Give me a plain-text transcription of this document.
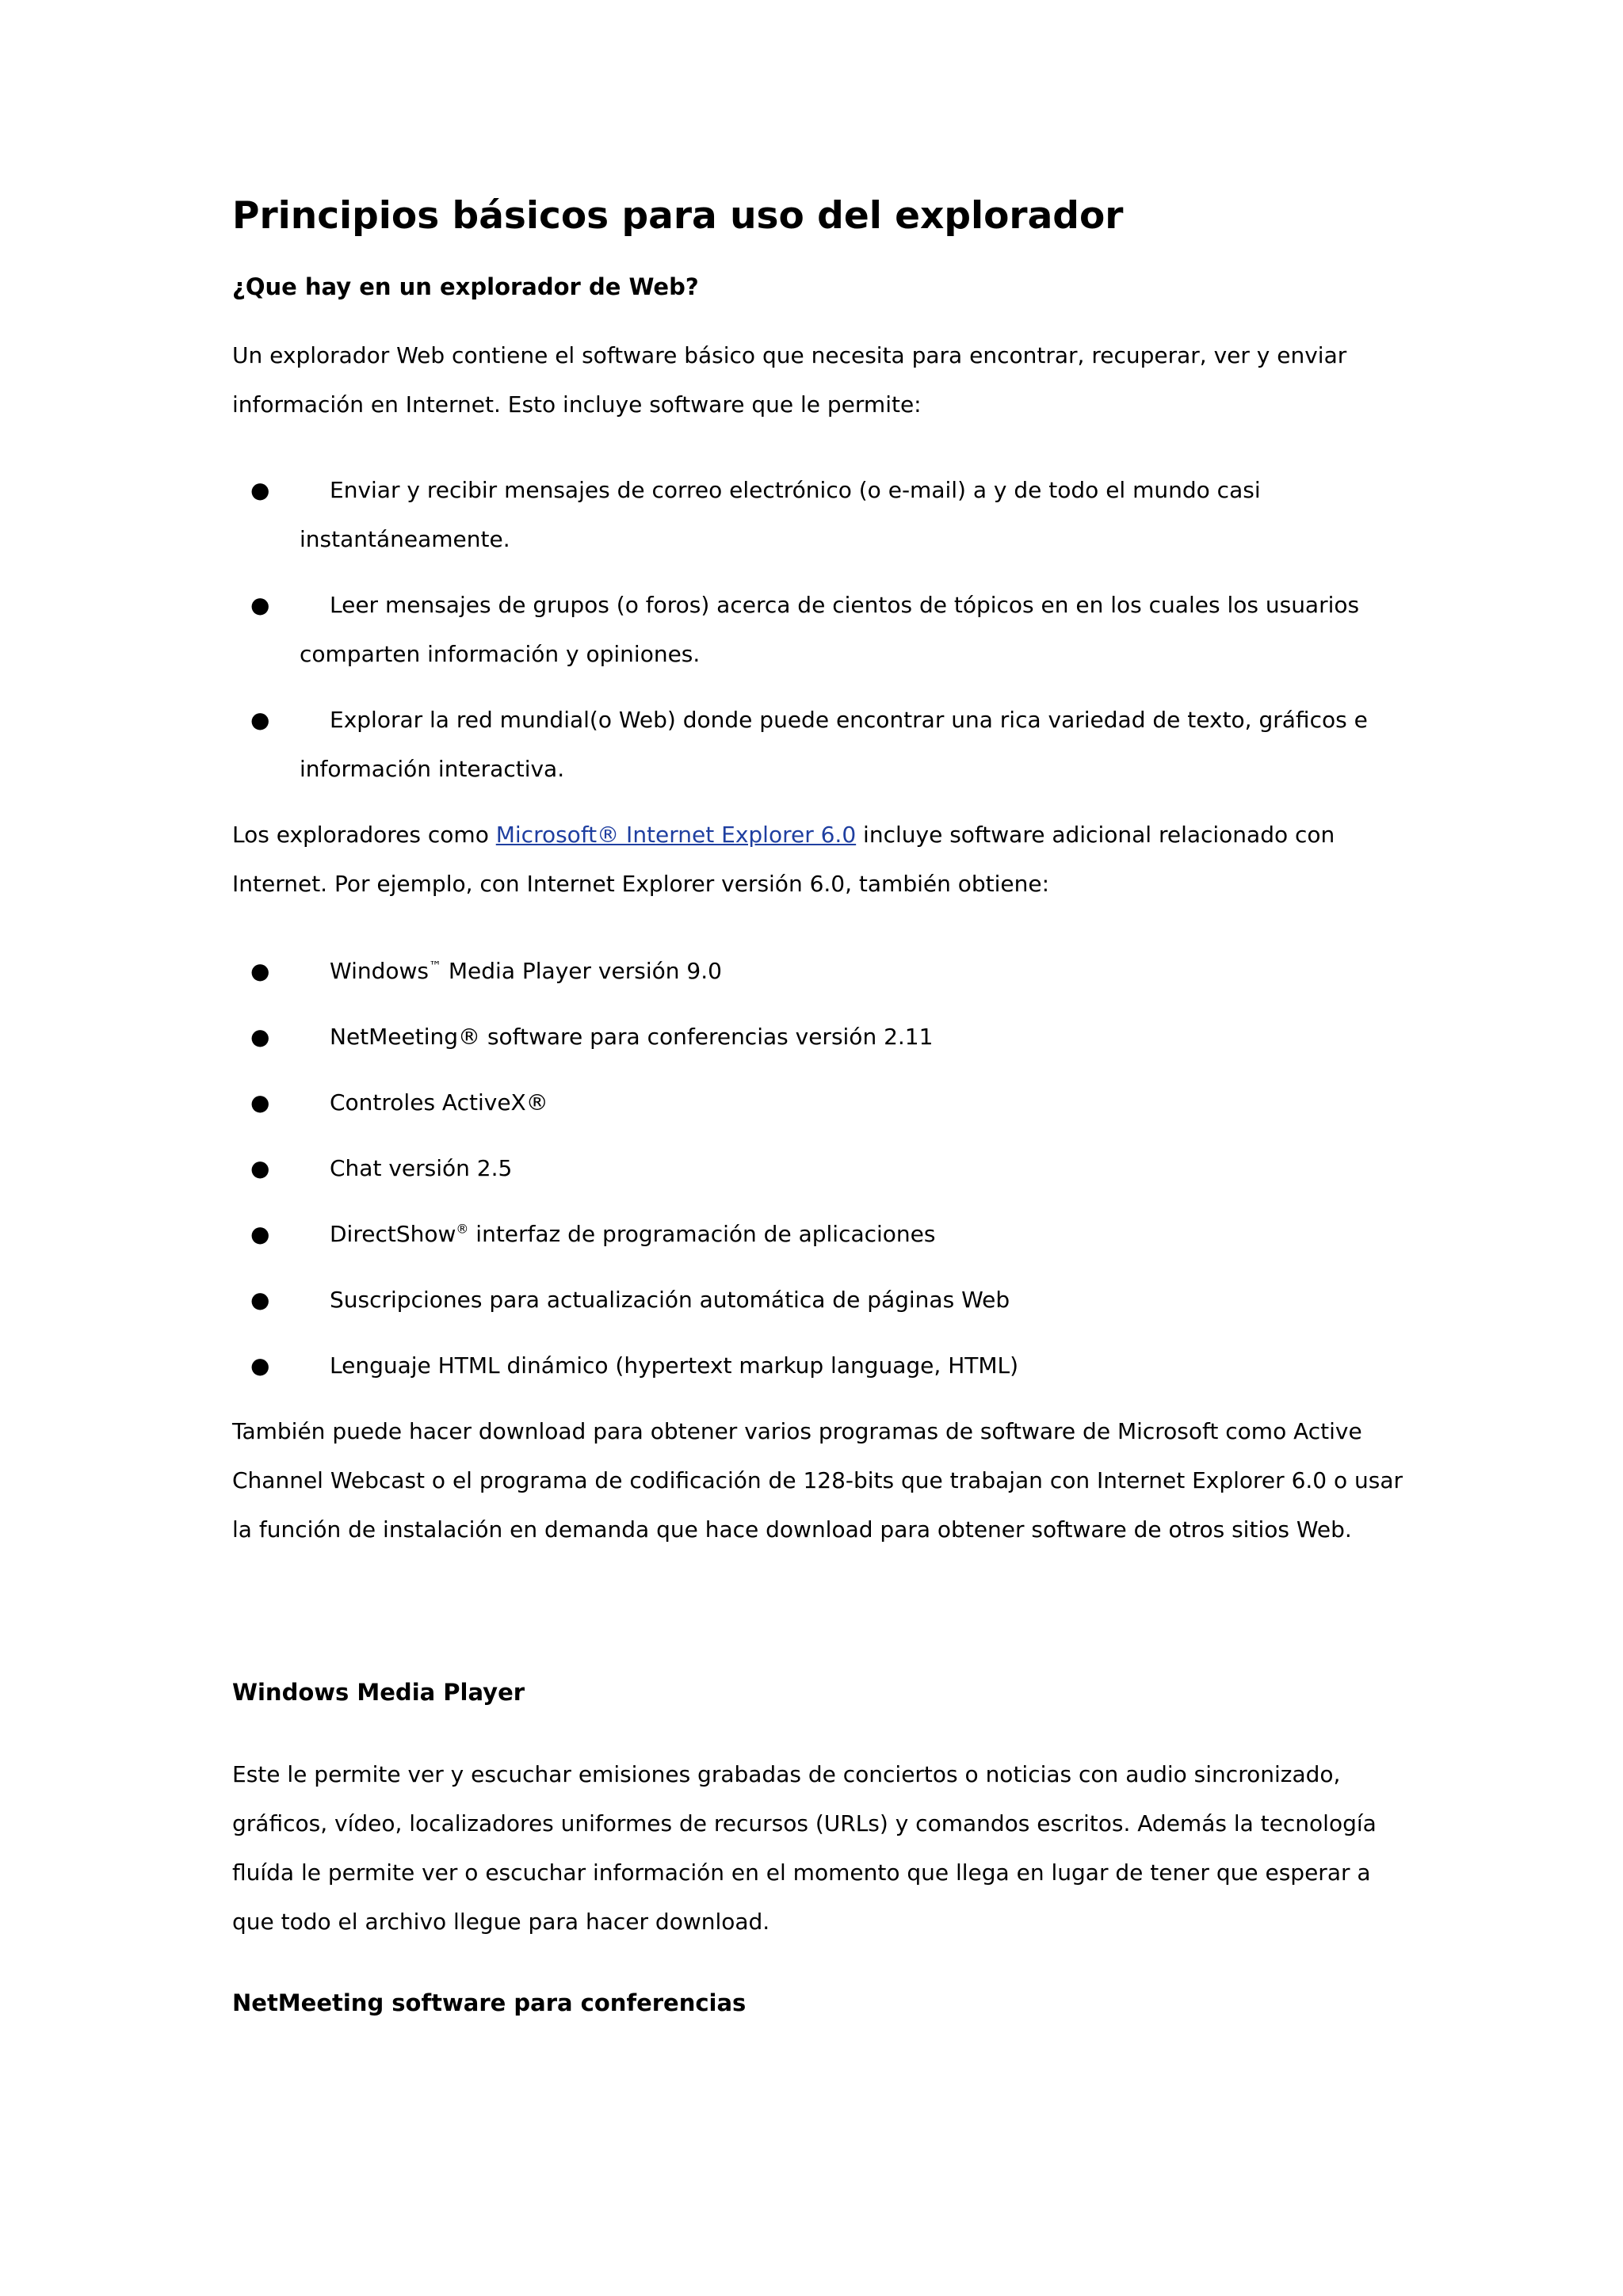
Principios básicos para uso del explorador
¿Que hay en un explorador de Web?

Un explorador Web contiene el software básico que necesita para encontrar, recuperar, ver y enviar información en Internet. Esto incluye software que le permite:

●	Enviar y recibir mensajes de correo electrónico (o e-mail) a y de todo el mundo casi instantáneamente.

●	Leer mensajes de grupos (o foros) acerca de cientos de tópicos en en los cuales los usuarios comparten información y opiniones.

●	Explorar la red mundial(o Web) donde puede encontrar una rica variedad de texto, gráficos e información interactiva.

Los exploradores como Microsoft® Internet Explorer 6.0 incluye software adicional relacionado con Internet. Por ejemplo, con Internet Explorer versión 6.0, también obtiene:

●	Windows™ Media Player versión 9.0

●	NetMeeting® software para conferencias versión 2.11

●	Controles ActiveX®

●	Chat versión 2.5

●	DirectShow® interfaz de programación de aplicaciones

●	Suscripciones para actualización automática de páginas Web

●	Lenguaje HTML dinámico (hypertext markup language, HTML)

También puede hacer download para obtener varios programas de software de Microsoft como Active Channel Webcast o el programa de codificación de 128-bits que trabajan con Internet Explorer 6.0 o usar la función de instalación en demanda que hace download para obtener software de otros sitios Web.

Windows Media Player

Este le permite ver y escuchar emisiones grabadas de conciertos o noticias con audio sincronizado, gráficos, vídeo, localizadores uniformes de recursos (URLs) y comandos escritos. Además la tecnología fluída le permite ver o escuchar información en el momento que llega en lugar de tener que esperar a que todo el archivo llegue para hacer download.

NetMeeting software para conferencias
